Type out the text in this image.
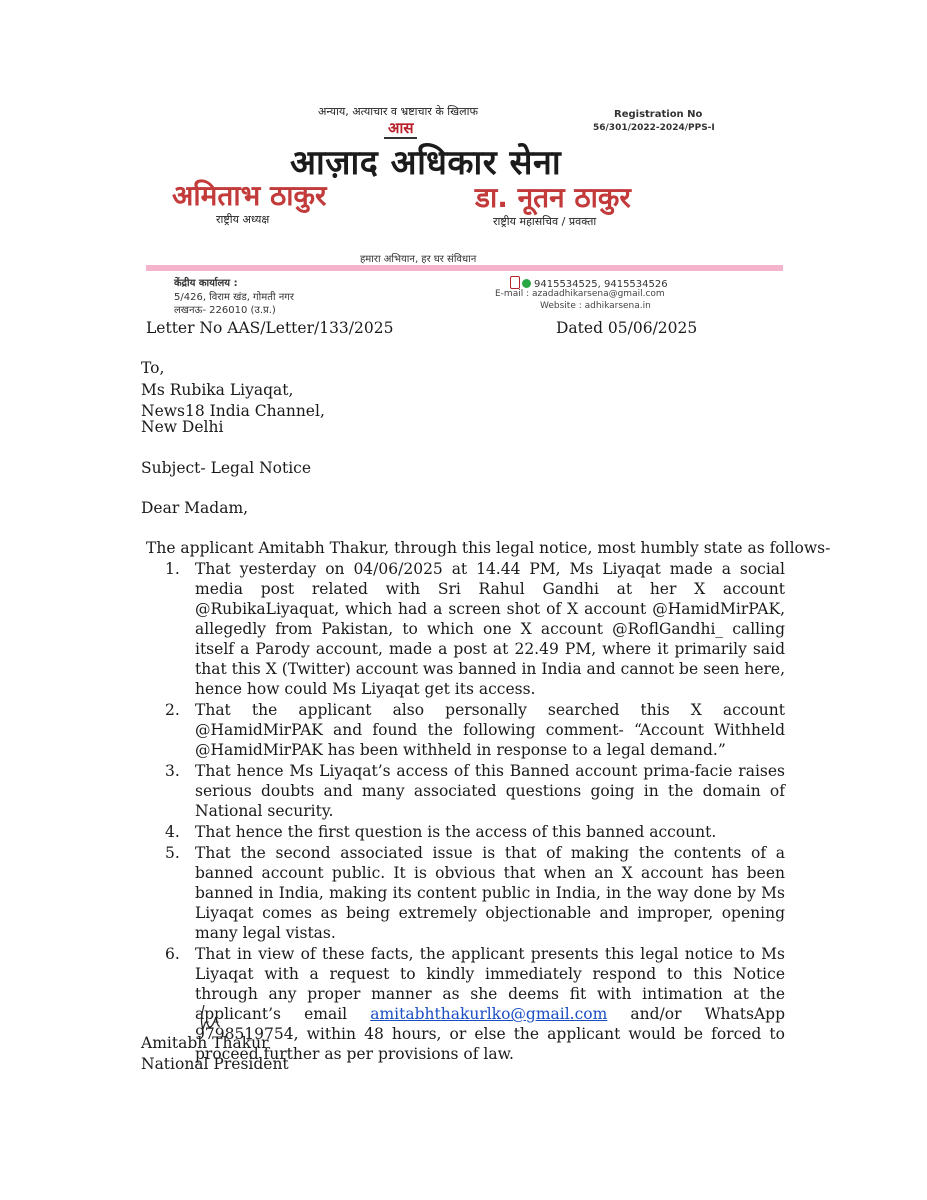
अन्याय, अत्याचार व भ्रष्टाचार के खिलाफ
आस
आज़ाद अधिकार सेना
Registration No
56/301/2022-2024/PPS-I
अमिताभ ठाकुर
राष्ट्रीय अध्यक्ष
डा. नूतन ठाकुर
राष्ट्रीय महासचिव / प्रवक्ता
हमारा अभियान, हर घर संविधान
केंद्रीय कार्यालय :
5/426, विराम खंड, गोमती नगर
लखनऊ- 226010 (उ.प्र.)
9415534525, 9415534526
E-mail : azadadhikarsena@gmail.com
Website : adhikarsena.in
Letter No AAS/Letter/133/2025	Dated 05/06/2025
To,
Ms Rubika Liyaqat,
News18 India Channel,
New Delhi
Subject- Legal Notice
Dear Madam,
The applicant Amitabh Thakur, through this legal notice, most humbly state as follows-
1. That yesterday on 04/06/2025 at 14.44 PM, Ms Liyaqat made a social media post related with Sri Rahul Gandhi at her X account @RubikaLiyaquat, which had a screen shot of X account @HamidMirPAK, allegedly from Pakistan, to which one X account @RoflGandhi_ calling itself a Parody account, made a post at 22.49 PM, where it primarily said that this X (Twitter) account was banned in India and cannot be seen here, hence how could Ms Liyaqat get its access.
2. That the applicant also personally searched this X account @HamidMirPAK and found the following comment- “Account Withheld @HamidMirPAK has been withheld in response to a legal demand.”
3. That hence Ms Liyaqat’s access of this Banned account prima-facie raises serious doubts and many associated questions going in the domain of National security.
4. That hence the first question is the access of this banned account.
5. That the second associated issue is that of making the contents of a banned account public. It is obvious that when an X account has been banned in India, making its content public in India, in the way done by Ms Liyaqat comes as being extremely objectionable and improper, opening many legal vistas.
6. That in view of these facts, the applicant presents this legal notice to Ms Liyaqat with a request to kindly immediately respond to this Notice through any proper manner as she deems fit with intimation at the applicant’s email amitabhthakurlko@gmail.com and/or WhatsApp 9798519754, within 48 hours, or else the applicant would be forced to proceed further as per provisions of law.
Amitabh Thakur
National President
